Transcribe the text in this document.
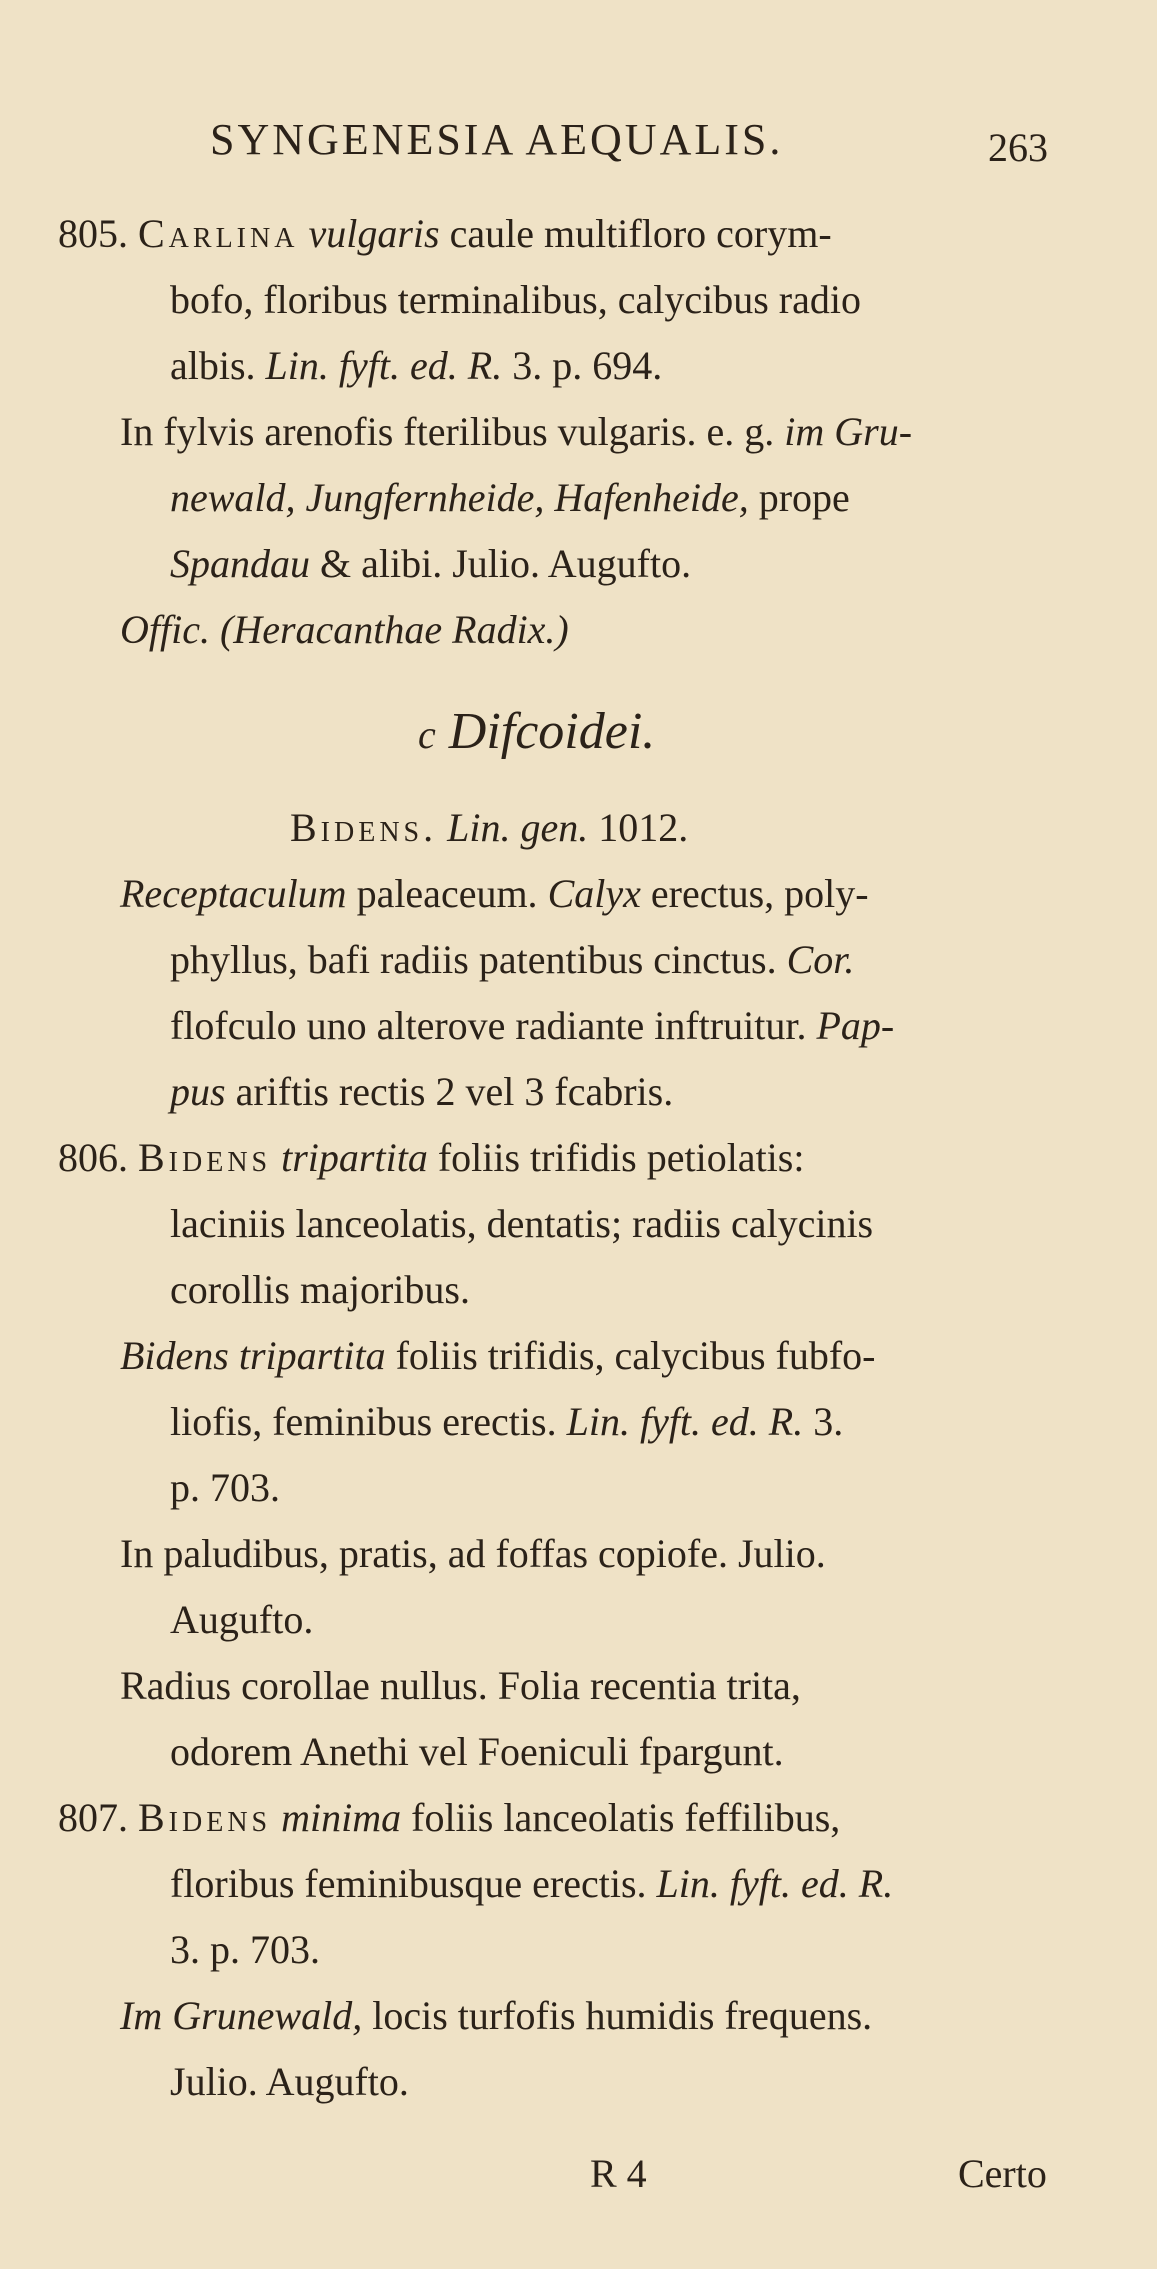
SYNGENESIA AEQUALIS.	263
805. Carlina vulgaris caule multifloro corym-
bofo, floribus terminalibus, calycibus radio
albis. Lin. fyft. ed. R. 3. p. 694.
In fylvis arenofis fterilibus vulgaris. e. g. im Gru-
newald, Jungfernheide, Hafenheide, prope
Spandau & alibi. Julio. Augufto.
Offic. (Heracanthae Radix.)
c Difcoidei.
Bidens. Lin. gen. 1012.
Receptaculum paleaceum. Calyx erectus, poly-
phyllus, bafi radiis patentibus cinctus. Cor.
flofculo uno alterove radiante inftruitur. Pap-
pus ariftis rectis 2 vel 3 fcabris.
806. Bidens tripartita foliis trifidis petiolatis:
laciniis lanceolatis, dentatis; radiis calycinis
corollis majoribus.
Bidens tripartita foliis trifidis, calycibus fubfo-
liofis, feminibus erectis. Lin. fyft. ed. R. 3.
p. 703.
In paludibus, pratis, ad foffas copiofe. Julio.
Augufto.
Radius corollae nullus. Folia recentia trita,
odorem Anethi vel Foeniculi fpargunt.
807. Bidens minima foliis lanceolatis feffilibus,
floribus feminibusque erectis. Lin. fyft. ed. R.
3. p. 703.
Im Grunewald, locis turfofis humidis frequens.
Julio. Augufto.
R 4	Certo
